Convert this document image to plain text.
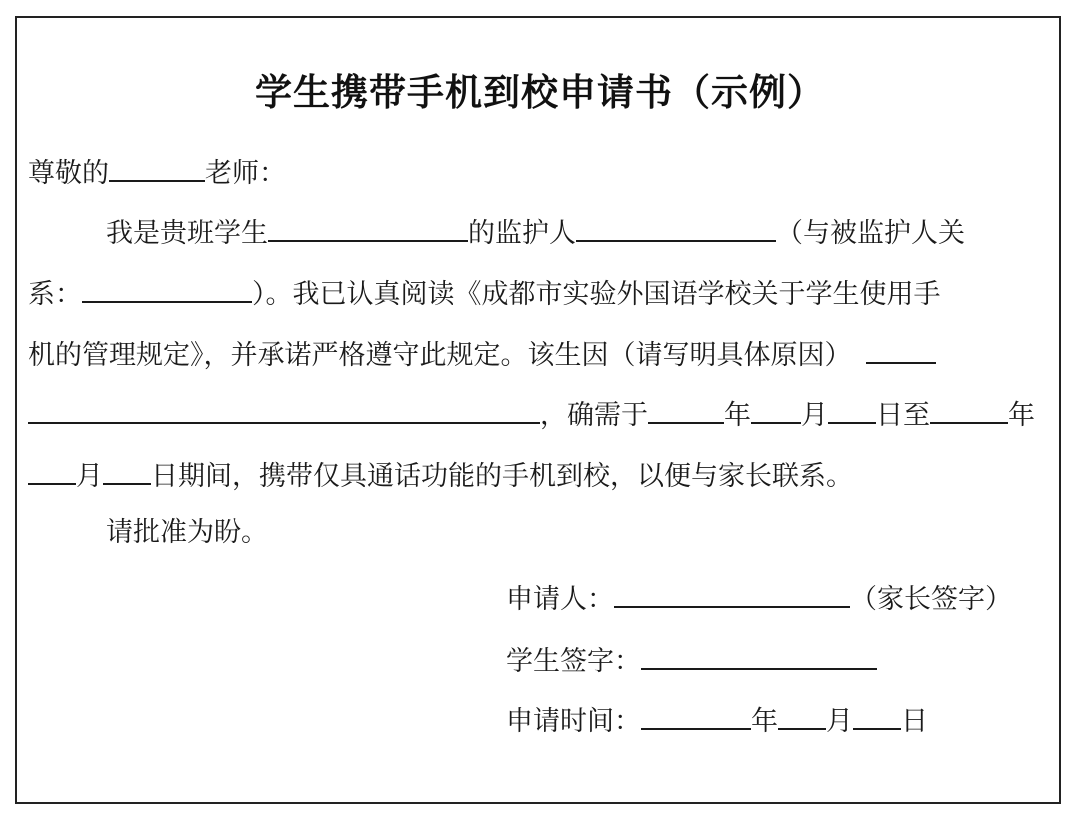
学生携带手机到校申请书（示例）
尊敬的	老师：
我是贵班学生	的监护人	（与被监护人关
系：	）。我已认真阅读《成都市实验外国语学校关于学生使用手
机的管理规定》，并承诺严格遵守此规定。该生因（请写明具体原因）
，确需于	年 月 日至	年
月 日期间，携带仅具通话功能的手机到校，以便与家长联系。
请批准为盼。
申请人：	（家长签字）
学生签字：
申请时间：	年 月 日
